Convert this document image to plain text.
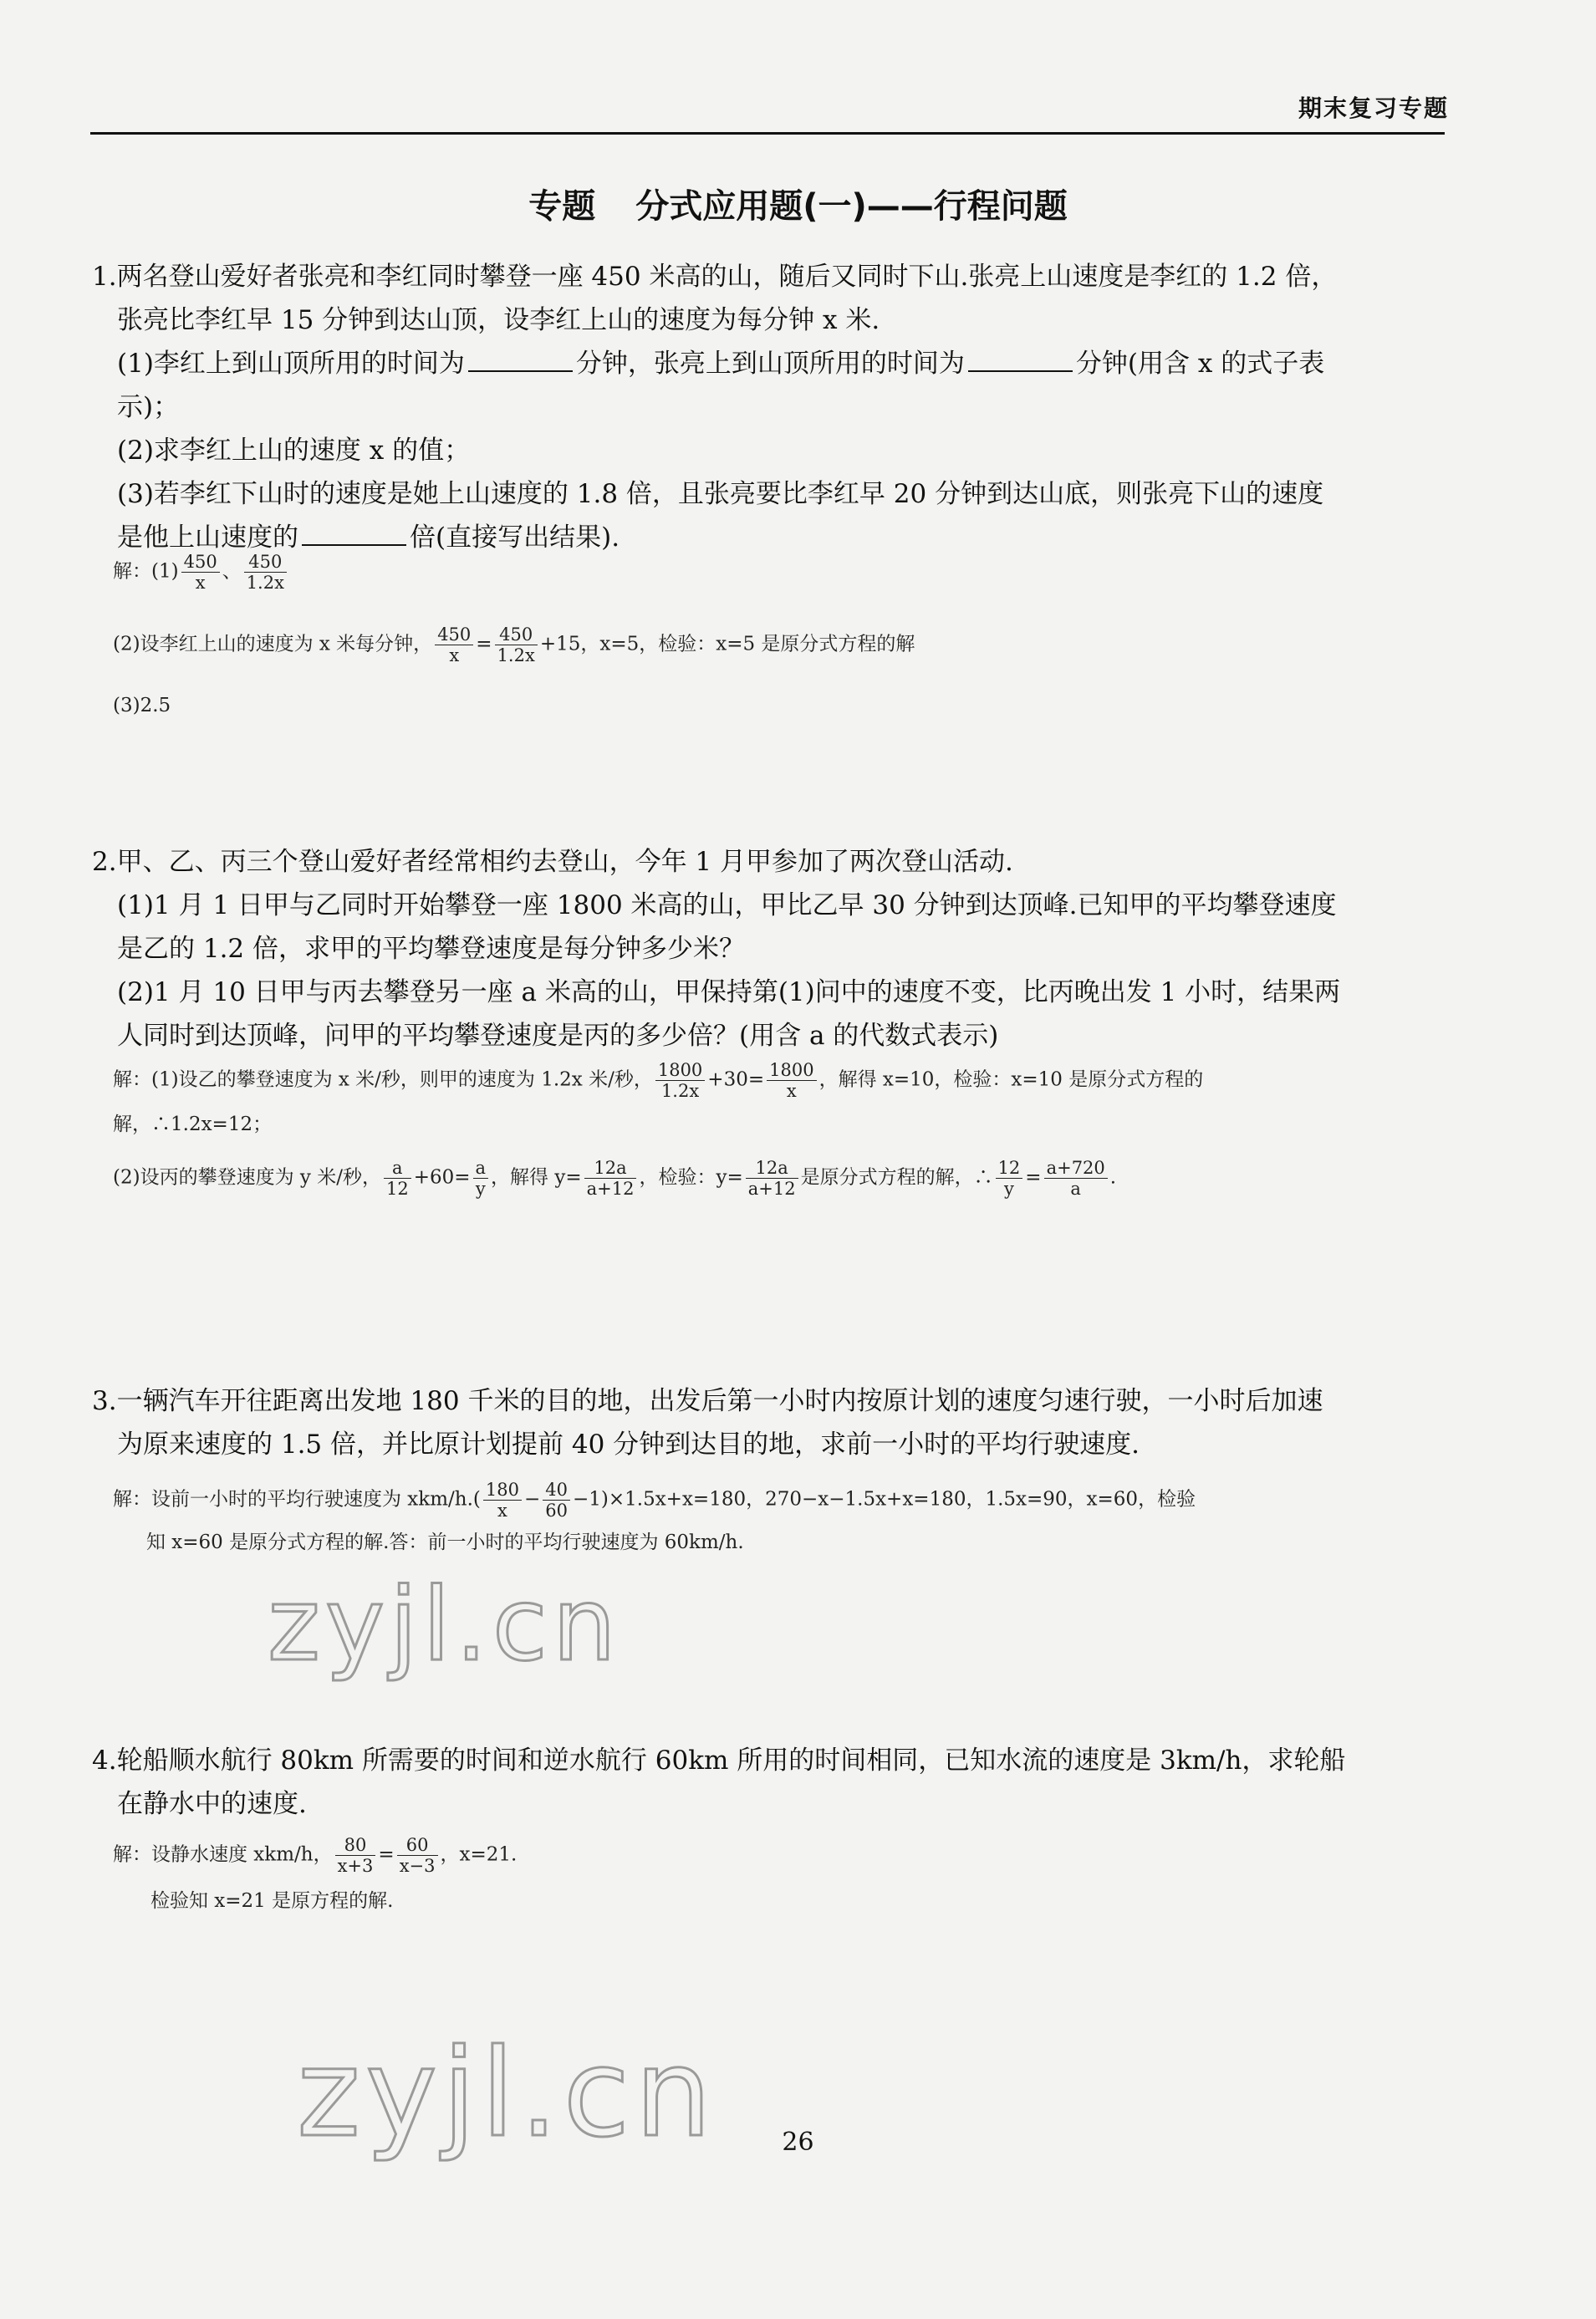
期末复习专题
专题 分式应用题(一)——行程问题

1.两名登山爱好者张亮和李红同时攀登一座 450 米高的山，随后又同时下山.张亮上山速度是李红的 1.2 倍，

张亮比李红早 15 分钟到达山顶，设李红上山的速度为每分钟 x 米.

(1)李红上到山顶所用的时间为	分钟，张亮上到山顶所用的时间为	分钟(用含 x 的式子表

示)；

(2)求李红上山的速度 x 的值；

(3)若李红下山时的速度是她上山速度的 1.8 倍，且张亮要比李红早 20 分钟到达山底，则张亮下山的速度

是他上山速度的	倍(直接写出结果).

解：$(1) \frac{450}{x}$ 、 $\frac{450}{1.2x}$

(2)设李红上山的速度为 x 米每分钟， $\frac{450}{x} = \frac{450}{1.2x} +15$，x=5，检验：x=5 是原分式方程的解

(3)2.5

2.甲、乙、丙三个登山爱好者经常相约去登山，今年 1 月甲参加了两次登山活动.

(1)1 月 1 日甲与乙同时开始攀登一座 1800 米高的山，甲比乙早 30 分钟到达顶峰.已知甲的平均攀登速度

是乙的 1.2 倍，求甲的平均攀登速度是每分钟多少米？

(2)1 月 10 日甲与丙去攀登另一座 a 米高的山，甲保持第(1)问中的速度不变，比丙晚出发 1 小时，结果两

人同时到达顶峰，问甲的平均攀登速度是丙的多少倍？(用含 a 的代数式表示)

解：(1)设乙的攀登速度为 x 米/秒，则甲的速度为 1.2x 米/秒， $\frac{1800}{1.2x} +30= \frac{1800}{x}$ ，解得 x=10，检验：x=10 是原分式方程的

解，∴1.2x=12；

(2)设丙的攀登速度为 y 米/秒， $\frac{a}{12} +60= \frac{a}{y}$ ，解得 $y= \frac{12a}{a+12}$ ，检验：$y= \frac{12a}{a+12}$ 是原分式方程的解，∴ $\frac{12}{y} = \frac{a+720}{a}$ .

3.一辆汽车开往距离出发地 180 千米的目的地，出发后第一小时内按原计划的速度匀速行驶，一小时后加速

为原来速度的 1.5 倍，并比原计划提前 40 分钟到达目的地，求前一小时的平均行驶速度.

解：设前一小时的平均行驶速度为 $xkm/h.( \frac{180}{x} - \frac{40}{60} -1)\times 1.5x+x=180$，270−x−1.5x+x=180，1.5x=90，x=60，检验

知 x=60 是原分式方程的解.答：前一小时的平均行驶速度为 60km/h.

zyjl.cn

4.轮船顺水航行 80km 所需要的时间和逆水航行 60km 所用的时间相同，已知水流的速度是 3km/h，求轮船

在静水中的速度.

解：设静水速度 xkm/h， $\frac{80}{x+3} = \frac{60}{x-3}$ ，x=21.

检验知 x=21 是原方程的解.

zyjl.cn	26
